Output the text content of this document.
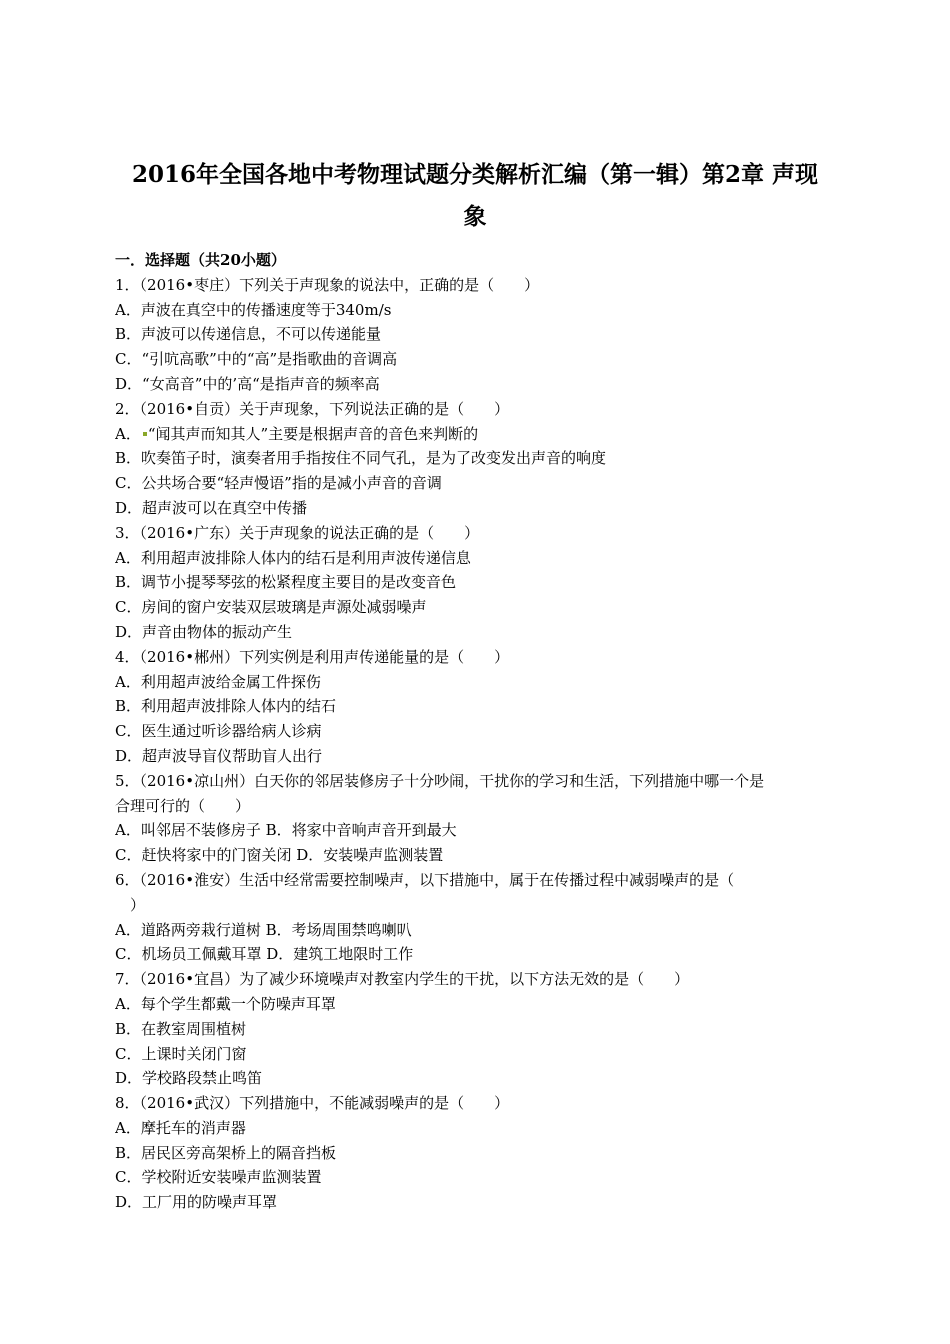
2016年全国各地中考物理试题分类解析汇编（第一辑）第2章 声现
象
一．选择题（共20小题）
1．（2016•枣庄）下列关于声现象的说法中，正确的是（　　）
A．声波在真空中的传播速度等于340m/s
B．声波可以传递信息，不可以传递能量
C．“引吭高歌”中的“高”是指歌曲的音调高
D．“女高音”中的’高“是指声音的频率高
2．（2016•自贡）关于声现象，下列说法正确的是（　　）
A． “闻其声而知其人”主要是根据声音的音色来判断的
B．吹奏笛子时，演奏者用手指按住不同气孔，是为了改变发出声音的响度
C．公共场合要“轻声慢语”指的是减小声音的音调
D．超声波可以在真空中传播
3．（2016•广东）关于声现象的说法正确的是（　　）
A．利用超声波排除人体内的结石是利用声波传递信息
B．调节小提琴琴弦的松紧程度主要目的是改变音色
C．房间的窗户安装双层玻璃是声源处减弱噪声
D．声音由物体的振动产生
4．（2016•郴州）下列实例是利用声传递能量的是（　　）
A．利用超声波给金属工件探伤
B．利用超声波排除人体内的结石
C．医生通过听诊器给病人诊病
D．超声波导盲仪帮助盲人出行
5．（2016•凉山州）白天你的邻居装修房子十分吵闹，干扰你的学习和生活，下列措施中哪一个是
合理可行的（　　）
A．叫邻居不装修房子 B．将家中音响声音开到最大
C．赶快将家中的门窗关闭 D．安装噪声监测装置
6．（2016•淮安）生活中经常需要控制噪声，以下措施中，属于在传播过程中减弱噪声的是（
　）
A．道路两旁栽行道树 B．考场周围禁鸣喇叭
C．机场员工佩戴耳罩 D．建筑工地限时工作
7．（2016•宜昌）为了减少环境噪声对教室内学生的干扰，以下方法无效的是（　　）
A．每个学生都戴一个防噪声耳罩
B．在教室周围植树
C．上课时关闭门窗
D．学校路段禁止鸣笛
8．（2016•武汉）下列措施中，不能减弱噪声的是（　　）
A．摩托车的消声器
B．居民区旁高架桥上的隔音挡板
C．学校附近安装噪声监测装置
D．工厂用的防噪声耳罩
